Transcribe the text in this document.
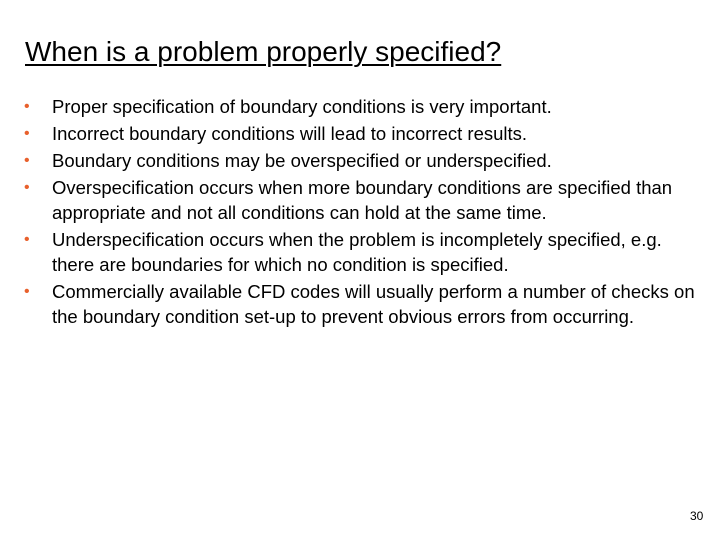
When is a problem properly specified?
• Proper specification of boundary conditions is very important.
• Incorrect boundary conditions will lead to incorrect results.
• Boundary conditions may be overspecified or underspecified.
• Overspecification occurs when more boundary conditions are specified than appropriate and not all conditions can hold at the same time.
• Underspecification occurs when the problem is incompletely specified, e.g. there are boundaries for which no condition is specified.
• Commercially available CFD codes will usually perform a number of checks on the boundary condition set-up to prevent obvious errors from occurring.
30
